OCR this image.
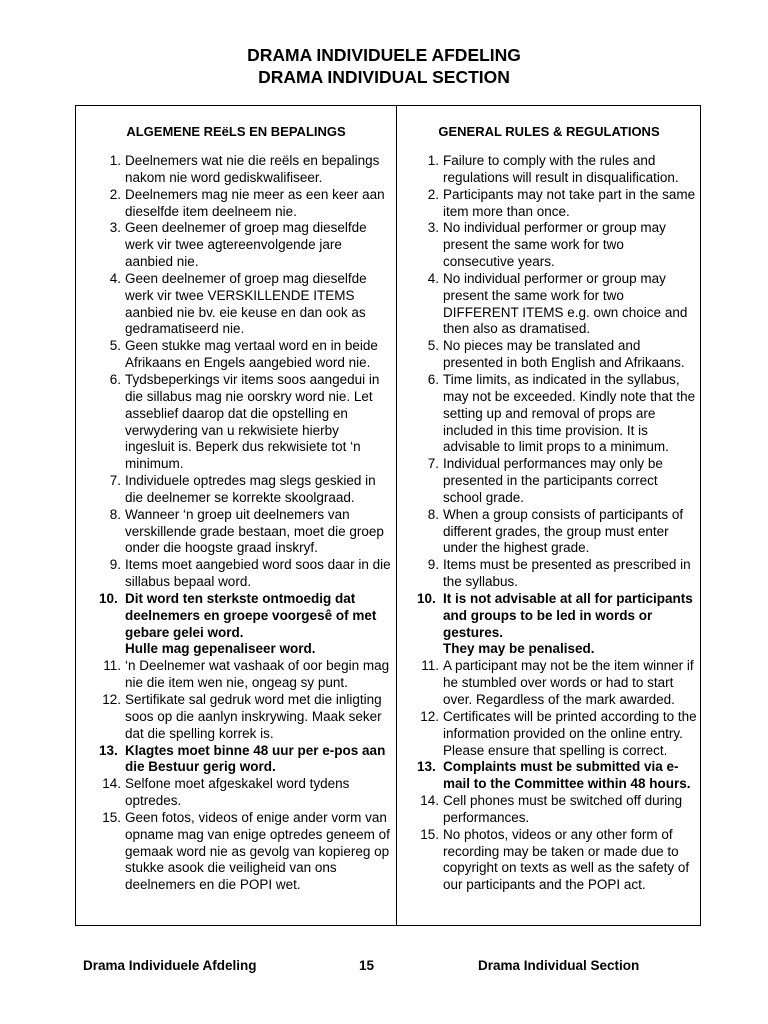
DRAMA INDIVIDUELE AFDELING
DRAMA INDIVIDUAL SECTION
ALGEMENE REëLS EN BEPALINGS
1. Deelnemers wat nie die reëls en bepalings nakom nie word gediskwalifiseer.
2. Deelnemers mag nie meer as een keer aan dieselfde item deelneem nie.
3. Geen deelnemer of groep mag dieselfde werk vir twee agtereenvolgende jare aanbied nie.
4. Geen deelnemer of groep mag dieselfde werk vir twee VERSKILLENDE ITEMS aanbied nie bv. eie keuse en dan ook as gedramatiseerd nie.
5. Geen stukke mag vertaal word en in beide Afrikaans en Engels aangebied word nie.
6. Tydsbeperkings vir items soos aangedui in die sillabus mag nie oorskry word nie. Let asseblief daarop dat die opstelling en verwydering van u rekwisiete hierby ingesluit is. Beperk dus rekwisiete tot ‘n minimum.
7. Individuele optredes mag slegs geskied in die deelnemer se korrekte skoolgraad.
8. Wanneer ‘n groep uit deelnemers van verskillende grade bestaan, moet die groep onder die hoogste graad inskryf.
9. Items moet aangebied word soos daar in die sillabus bepaal word.
10. Dit word ten sterkste ontmoedig dat deelnemers en groepe voorgesê of met gebare gelei word.
Hulle mag gepenaliseer word.
11. ‘n Deelnemer wat vashaak of oor begin mag nie die item wen nie, ongeag sy punt.
12. Sertifikate sal gedruk word met die inligting soos op die aanlyn inskrywing. Maak seker dat die spelling korrek is.
13. Klagtes moet binne 48 uur per e-pos aan die Bestuur gerig word.
14. Selfone moet afgeskakel word tydens optredes.
15. Geen fotos, videos of enige ander vorm van opname mag van enige optredes geneem of gemaak word nie as gevolg van kopiereg op stukke asook die veiligheid van ons deelnemers en die POPI wet.
GENERAL RULES & REGULATIONS
1. Failure to comply with the rules and regulations will result in disqualification.
2. Participants may not take part in the same item more than once.
3. No individual performer or group may present the same work for two consecutive years.
4. No individual performer or group may present the same work for two DIFFERENT ITEMS e.g. own choice and then also as dramatised.
5. No pieces may be translated and presented in both English and Afrikaans.
6. Time limits, as indicated in the syllabus, may not be exceeded. Kindly note that the setting up and removal of props are included in this time provision. It is advisable to limit props to a minimum.
7. Individual performances may only be presented in the participants correct school grade.
8. When a group consists of participants of different grades, the group must enter under the highest grade.
9. Items must be presented as prescribed in the syllabus.
10. It is not advisable at all for participants and groups to be led in words or gestures.
They may be penalised.
11. A participant may not be the item winner if he stumbled over words or had to start over. Regardless of the mark awarded.
12. Certificates will be printed according to the information provided on the online entry. Please ensure that spelling is correct.
13. Complaints must be submitted via e-mail to the Committee within 48 hours.
14. Cell phones must be switched off during performances.
15. No photos, videos or any other form of recording may be taken or made due to copyright on texts as well as the safety of our participants and the POPI act.
Drama Individuele Afdeling	15	Drama Individual Section
